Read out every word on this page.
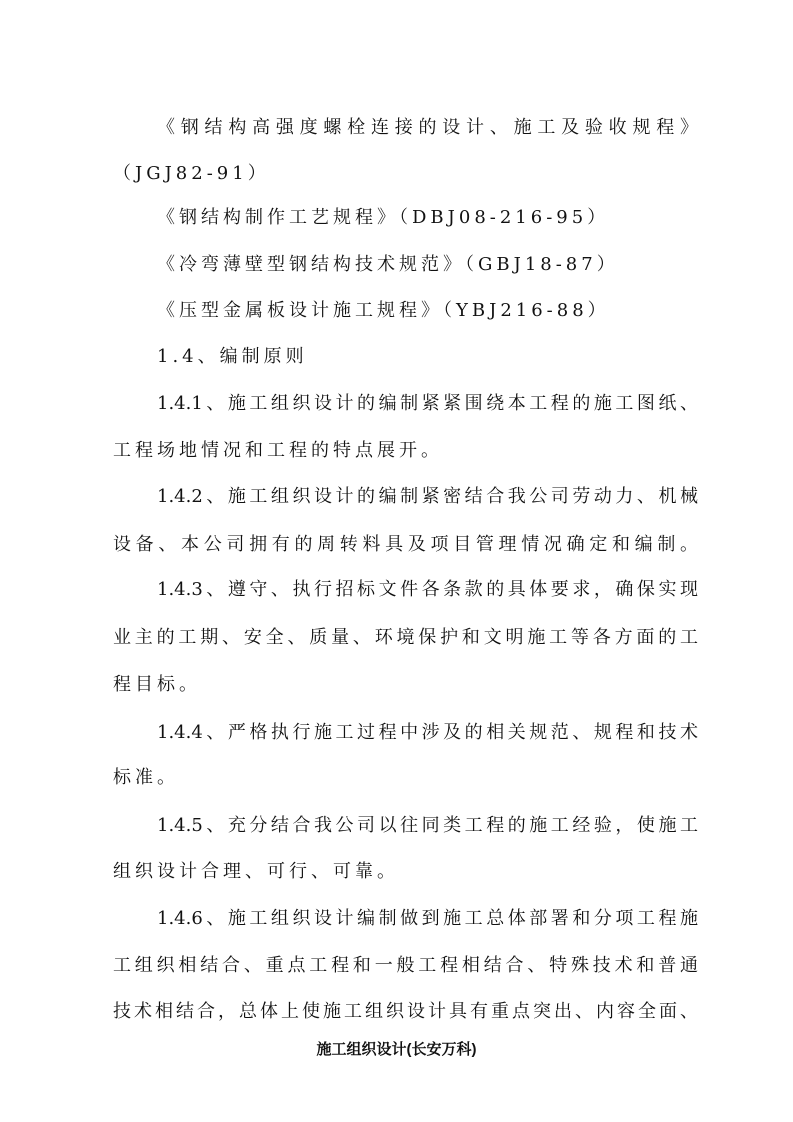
《钢结构高强度螺栓连接的设计、施工及验收规程》
（JGJ82-91）
《钢结构制作工艺规程》（DBJ08-216-95）
《冷弯薄壁型钢结构技术规范》（GBJ18-87）
《压型金属板设计施工规程》（YBJ216-88）
1.4、编制原则
1.4.1、施工组织设计的编制紧紧围绕本工程的施工图纸、
工程场地情况和工程的特点展开。
1.4.2、施工组织设计的编制紧密结合我公司劳动力、机械
设备、本公司拥有的周转料具及项目管理情况确定和编制。
1.4.3、遵守、执行招标文件各条款的具体要求，确保实现
业主的工期、安全、质量、环境保护和文明施工等各方面的工
程目标。
1.4.4、严格执行施工过程中涉及的相关规范、规程和技术
标准。
1.4.5、充分结合我公司以往同类工程的施工经验，使施工
组织设计合理、可行、可靠。
1.4.6、施工组织设计编制做到施工总体部署和分项工程施
工组织相结合、重点工程和一般工程相结合、特殊技术和普通
技术相结合，总体上使施工组织设计具有重点突出、内容全面、
施工组织设计(长安万科)
